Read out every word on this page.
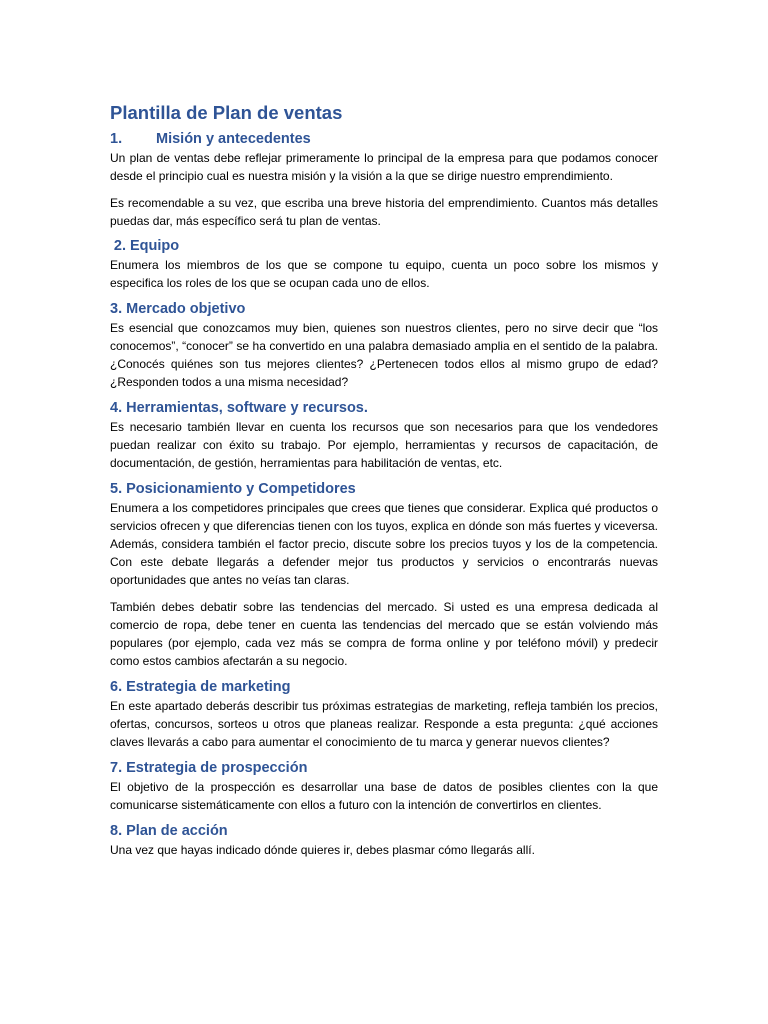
Plantilla de Plan de ventas
1. Misión y antecedentes

Un plan de ventas debe reflejar primeramente lo principal de la empresa para que podamos conocer desde el principio cual es nuestra misión y la visión a la que se dirige nuestro emprendimiento.

Es recomendable a su vez, que escriba una breve historia del emprendimiento. Cuantos más detalles puedas dar, más específico será tu plan de ventas.

2. Equipo

Enumera los miembros de los que se compone tu equipo, cuenta un poco sobre los mismos y especifica los roles de los que se ocupan cada uno de ellos.

3. Mercado objetivo

Es esencial que conozcamos muy bien, quienes son nuestros clientes, pero no sirve decir que “los conocemos”, “conocer” se ha convertido en una palabra demasiado amplia en el sentido de la palabra. ¿Conocés quiénes son tus mejores clientes? ¿Pertenecen todos ellos al mismo grupo de edad? ¿Responden todos a una misma necesidad?

4. Herramientas, software y recursos.

Es necesario también llevar en cuenta los recursos que son necesarios para que los vendedores puedan realizar con éxito su trabajo. Por ejemplo, herramientas y recursos de capacitación, de documentación, de gestión, herramientas para habilitación de ventas, etc.

5. Posicionamiento y Competidores

Enumera a los competidores principales que crees que tienes que considerar. Explica qué productos o servicios ofrecen y que diferencias tienen con los tuyos, explica en dónde son más fuertes y viceversa. Además, considera también el factor precio, discute sobre los precios tuyos y los de la competencia. Con este debate llegarás a defender mejor tus productos y servicios o encontrarás nuevas oportunidades que antes no veías tan claras.

También debes debatir sobre las tendencias del mercado. Si usted es una empresa dedicada al comercio de ropa, debe tener en cuenta las tendencias del mercado que se están volviendo más populares (por ejemplo, cada vez más se compra de forma online y por teléfono móvil) y predecir como estos cambios afectarán a su negocio.

6. Estrategia de marketing

En este apartado deberás describir tus próximas estrategias de marketing, refleja también los precios, ofertas, concursos, sorteos u otros que planeas realizar. Responde a esta pregunta: ¿qué acciones claves llevarás a cabo para aumentar el conocimiento de tu marca y generar nuevos clientes?

7. Estrategia de prospección

El objetivo de la prospección es desarrollar una base de datos de posibles clientes con la que comunicarse sistemáticamente con ellos a futuro con la intención de convertirlos en clientes.

8. Plan de acción

Una vez que hayas indicado dónde quieres ir, debes plasmar cómo llegarás allí.
